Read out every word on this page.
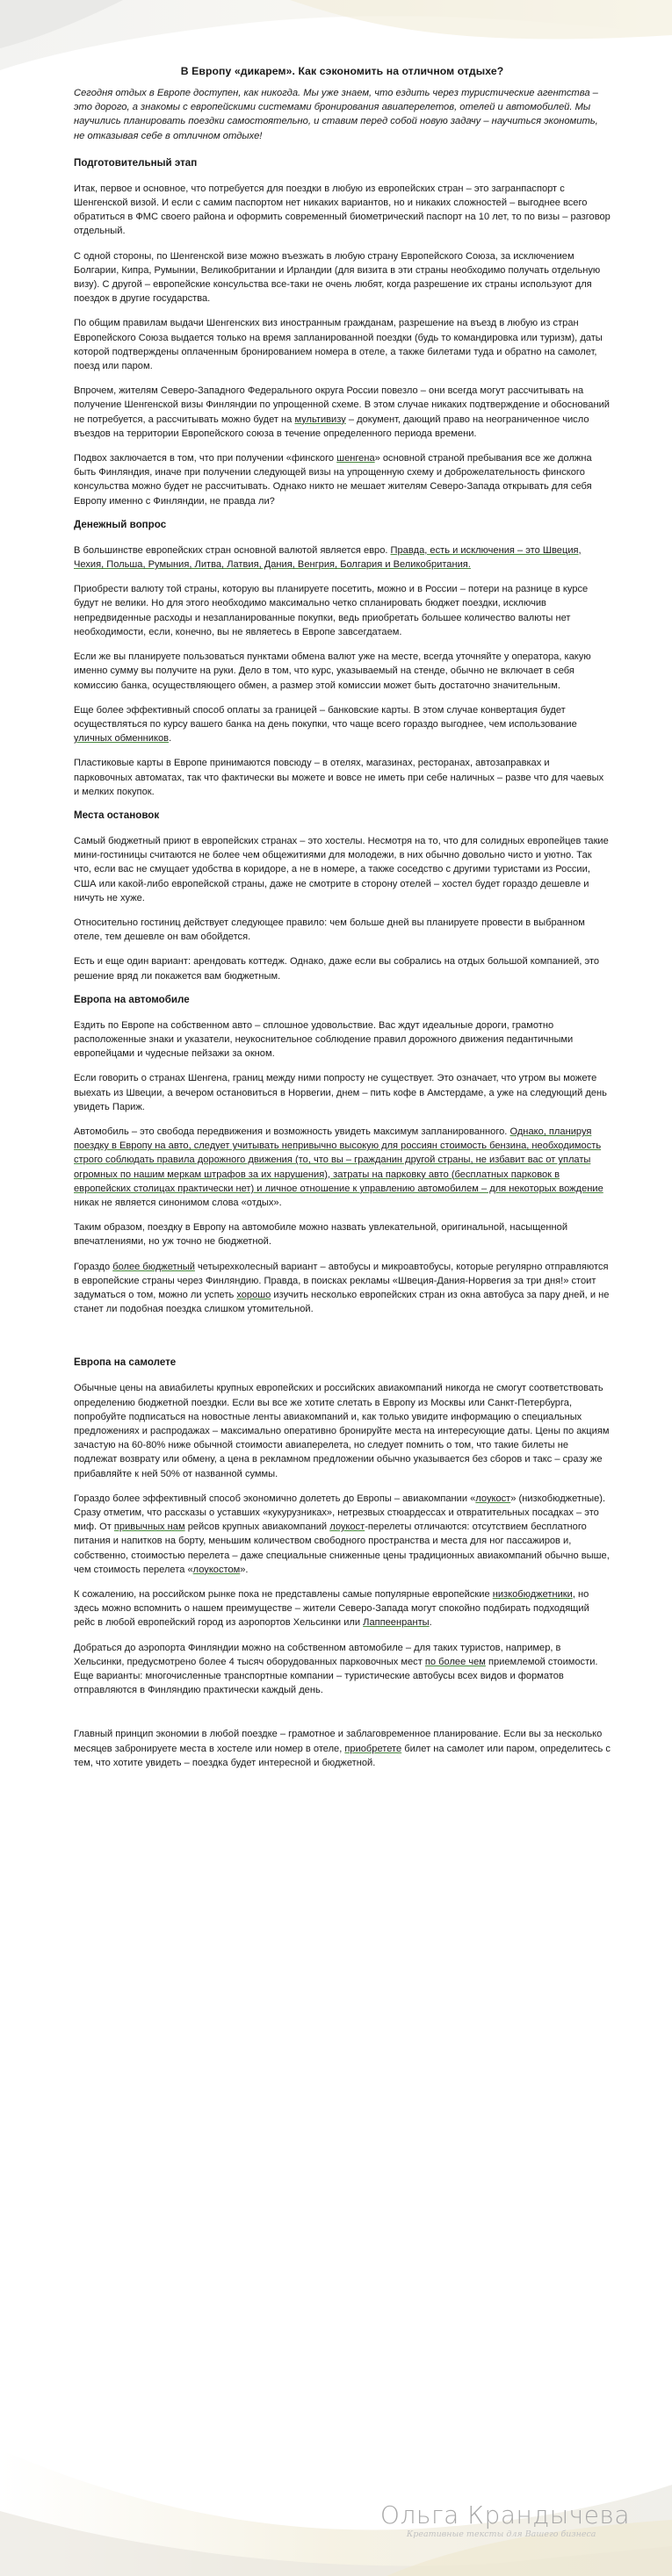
В Европу «дикарем». Как сэкономить на отличном отдыхе?

Сегодня отдых в Европе доступен, как никогда. Мы уже знаем, что ездить через туристические агентства – это дорого, а знакомы с европейскими системами бронирования авиаперелетов, отелей и автомобилей. Мы научились планировать поездки самостоятельно, и ставим перед собой новую задачу – научиться экономить, не отказывая себе в отличном отдыхе!

Подготовительный этап

Итак, первое и основное, что потребуется для поездки в любую из европейских стран – это загранпаспорт с Шенгенской визой. И если с самим паспортом нет никаких вариантов, но и никаких сложностей – выгоднее всего обратиться в ФМС своего района и оформить современный биометрический паспорт на 10 лет, то по визы – разговор отдельный.

С одной стороны, по Шенгенской визе можно въезжать в любую страну Европейского Союза, за исключением Болгарии, Кипра, Румынии, Великобритании и Ирландии (для визита в эти страны необходимо получать отдельную визу). С другой – европейские консульства все-таки не очень любят, когда разрешение их страны используют для поездок в другие государства.

По общим правилам выдачи Шенгенских виз иностранным гражданам, разрешение на въезд в любую из стран Европейского Союза выдается только на время запланированной поездки (будь то командировка или туризм), даты которой подтверждены оплаченным бронированием номера в отеле, а также билетами туда и обратно на самолет, поезд или паром.

Впрочем, жителям Северо-Западного Федерального округа России повезло – они всегда могут рассчитывать на получение Шенгенской визы Финляндии по упрощенной схеме. В этом случае никаких подтверждение и обоснований не потребуется, а рассчитывать можно будет на мультивизу – документ, дающий право на неограниченное число въездов на территории Европейского союза в течение определенного периода времени.

Подвох заключается в том, что при получении «финского шенгена» основной страной пребывания все же должна быть Финляндия, иначе при получении следующей визы на упрощенную схему и доброжелательность финского консульства можно будет не рассчитывать. Однако никто не мешает жителям Северо-Запада открывать для себя Европу именно с Финляндии, не правда ли?

Денежный вопрос

В большинстве европейских стран основной валютой является евро. Правда, есть и исключения – это Швеция, Чехия, Польша, Румыния, Литва, Латвия, Дания, Венгрия, Болгария и Великобритания.

Приобрести валюту той страны, которую вы планируете посетить, можно и в России – потери на разнице в курсе будут не велики. Но для этого необходимо максимально четко спланировать бюджет поездки, исключив непредвиденные расходы и незапланированные покупки, ведь приобретать большее количество валюты нет необходимости, если, конечно, вы не являетесь в Европе завсегдатаем.

Если же вы планируете пользоваться пунктами обмена валют уже на месте, всегда уточняйте у оператора, какую именно сумму вы получите на руки. Дело в том, что курс, указываемый на стенде, обычно не включает в себя комиссию банка, осуществляющего обмен, а размер этой комиссии может быть достаточно значительным.

Еще более эффективный способ оплаты за границей – банковские карты. В этом случае конвертация будет осуществляться по курсу вашего банка на день покупки, что чаще всего гораздо выгоднее, чем использование уличных обменников.

Пластиковые карты в Европе принимаются повсюду – в отелях, магазинах, ресторанах, автозаправках и парковочных автоматах, так что фактически вы можете и вовсе не иметь при себе наличных – разве что для чаевых и мелких покупок.

Места остановок

Самый бюджетный приют в европейских странах – это хостелы. Несмотря на то, что для солидных европейцев такие мини-гостиницы считаются не более чем общежитиями для молодежи, в них обычно довольно чисто и уютно. Так что, если вас не смущает удобства в коридоре, а не в номере, а также соседство с другими туристами из России, США или какой-либо европейской страны, даже не смотрите в сторону отелей – хостел будет гораздо дешевле и ничуть не хуже.

Относительно гостиниц действует следующее правило: чем больше дней вы планируете провести в выбранном отеле, тем дешевле он вам обойдется.

Есть и еще один вариант: арендовать коттедж. Однако, даже если вы собрались на отдых большой компанией, это решение вряд ли покажется вам бюджетным.

Европа на автомобиле

Ездить по Европе на собственном авто – сплошное удовольствие. Вас ждут идеальные дороги, грамотно расположенные знаки и указатели, неукоснительное соблюдение правил дорожного движения педантичными европейцами и чудесные пейзажи за окном.

Если говорить о странах Шенгена, границ между ними попросту не существует. Это означает, что утром вы можете выехать из Швеции, а вечером остановиться в Норвегии, днем – пить кофе в Амстердаме, а уже на следующий день увидеть Париж.

Автомобиль – это свобода передвижения и возможность увидеть максимум запланированного. Однако, планируя поездку в Европу на авто, следует учитывать непривычно высокую для россиян стоимость бензина, необходимость строго соблюдать правила дорожного движения (то, что вы – гражданин другой страны, не избавит вас от уплаты огромных по нашим меркам штрафов за их нарушения), затраты на парковку авто (бесплатных парковок в европейских столицах практически нет) и личное отношение к управлению автомобилем – для некоторых вождение никак не является синонимом слова «отдых».

Таким образом, поездку в Европу на автомобиле можно назвать увлекательной, оригинальной, насыщенной впечатлениями, но уж точно не бюджетной.

Гораздо более бюджетный четырехколесный вариант – автобусы и микроавтобусы, которые регулярно отправляются в европейские страны через Финляндию. Правда, в поисках рекламы «Швеция-Дания-Норвегия за три дня!» стоит задуматься о том, можно ли успеть хорошо изучить несколько европейских стран из окна автобуса за пару дней, и не станет ли подобная поездка слишком утомительной.

Европа на самолете

Обычные цены на авиабилеты крупных европейских и российских авиакомпаний никогда не смогут соответствовать определению бюджетной поездки. Если вы все же хотите слетать в Европу из Москвы или Санкт-Петербурга, попробуйте подписаться на новостные ленты авиакомпаний и, как только увидите информацию о специальных предложениях и распродажах – максимально оперативно бронируйте места на интересующие даты. Цены по акциям зачастую на 60-80% ниже обычной стоимости авиаперелета, но следует помнить о том, что такие билеты не подлежат возврату или обмену, а цена в рекламном предложении обычно указывается без сборов и такс – сразу же прибавляйте к ней 50% от названной суммы.

Гораздо более эффективный способ экономично долететь до Европы – авиакомпании «лоукост» (низкобюджетные). Сразу отметим, что рассказы о уставших «кукурузниках», нетрезвых стюардессах и отвратительных посадках – это миф. От привычных нам рейсов крупных авиакомпаний лоукост-перелеты отличаются: отсутствием бесплатного питания и напитков на борту, меньшим количеством свободного пространства и места для ног пассажиров и, собственно, стоимостью перелета – даже специальные сниженные цены традиционных авиакомпаний обычно выше, чем стоимость перелета «лоукостом».

К сожалению, на российском рынке пока не представлены самые популярные европейские низкобюджетники, но здесь можно вспомнить о нашем преимуществе – жители Северо-Запада могут спокойно подбирать подходящий рейс в любой европейский город из аэропортов Хельсинки или Лаппеенранты.

Добраться до аэропорта Финляндии можно на собственном автомобиле – для таких туристов, например, в Хельсинки, предусмотрено более 4 тысяч оборудованных парковочных мест по более чем приемлемой стоимости. Еще варианты: многочисленные транспортные компании – туристические автобусы всех видов и форматов отправляются в Финляндию практически каждый день.

Главный принцип экономии в любой поездке – грамотное и заблаговременное планирование. Если вы за несколько месяцев забронируете места в хостеле или номер в отеле, приобретете билет на самолет или паром, определитесь с тем, что хотите увидеть – поездка будет интересной и бюджетной.

Ольга Крандычева
Креативные тексты для Вашего бизнеса
